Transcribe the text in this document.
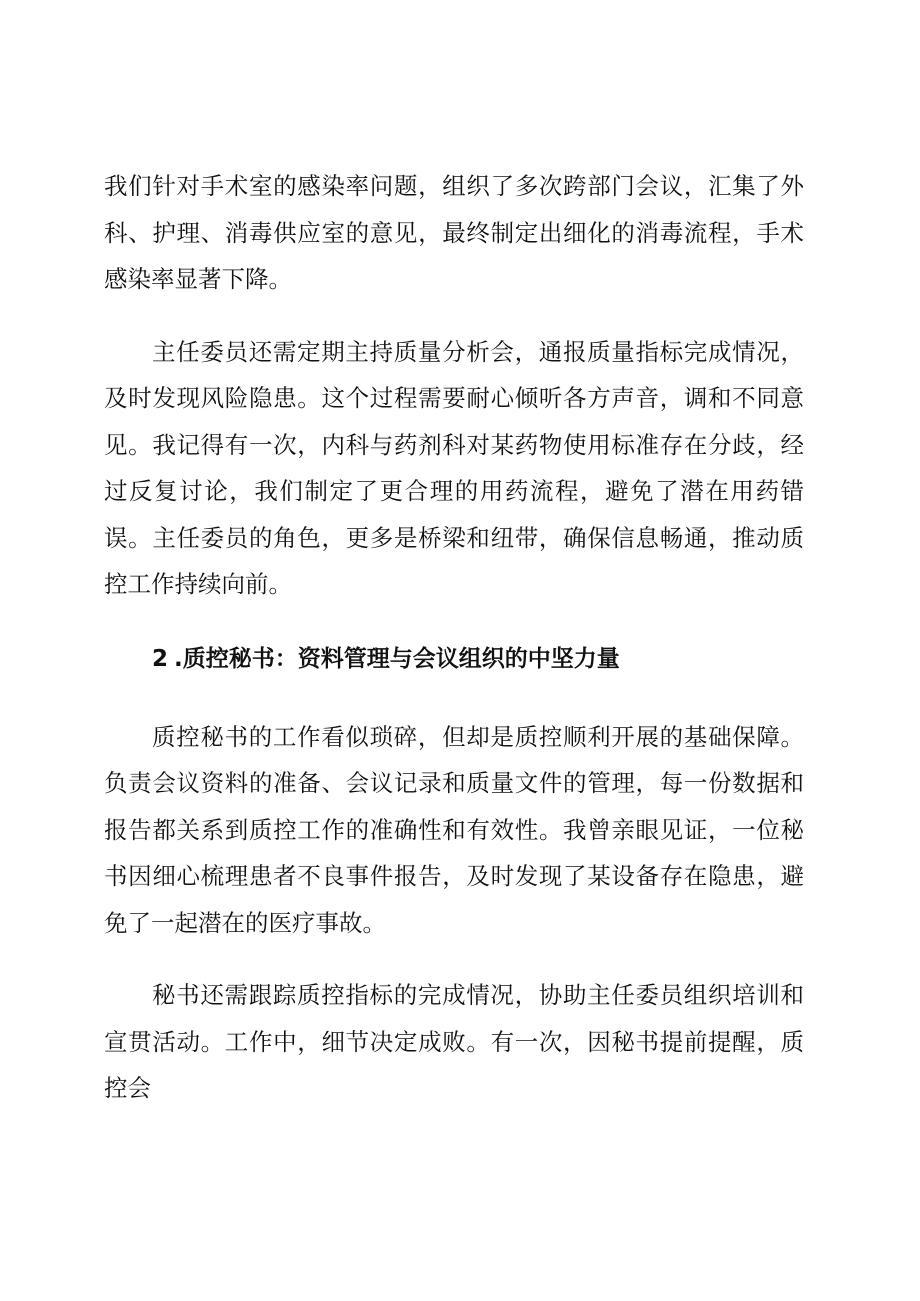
我们针对手术室的感染率问题，组织了多次跨部门会议，汇集了外科、护理、消毒供应室的意见，最终制定出细化的消毒流程，手术感染率显著下降。

主任委员还需定期主持质量分析会，通报质量指标完成情况，及时发现风险隐患。这个过程需要耐心倾听各方声音，调和不同意见。我记得有一次，内科与药剂科对某药物使用标准存在分歧，经过反复讨论，我们制定了更合理的用药流程，避免了潜在用药错误。主任委员的角色，更多是桥梁和纽带，确保信息畅通，推动质控工作持续向前。

2 .质控秘书：资料管理与会议组织的中坚力量

质控秘书的工作看似琐碎，但却是质控顺利开展的基础保障。负责会议资料的准备、会议记录和质量文件的管理，每一份数据和报告都关系到质控工作的准确性和有效性。我曾亲眼见证，一位秘书因细心梳理患者不良事件报告，及时发现了某设备存在隐患，避免了一起潜在的医疗事故。

秘书还需跟踪质控指标的完成情况，协助主任委员组织培训和宣贯活动。工作中，细节决定成败。有一次，因秘书提前提醒，质控会
